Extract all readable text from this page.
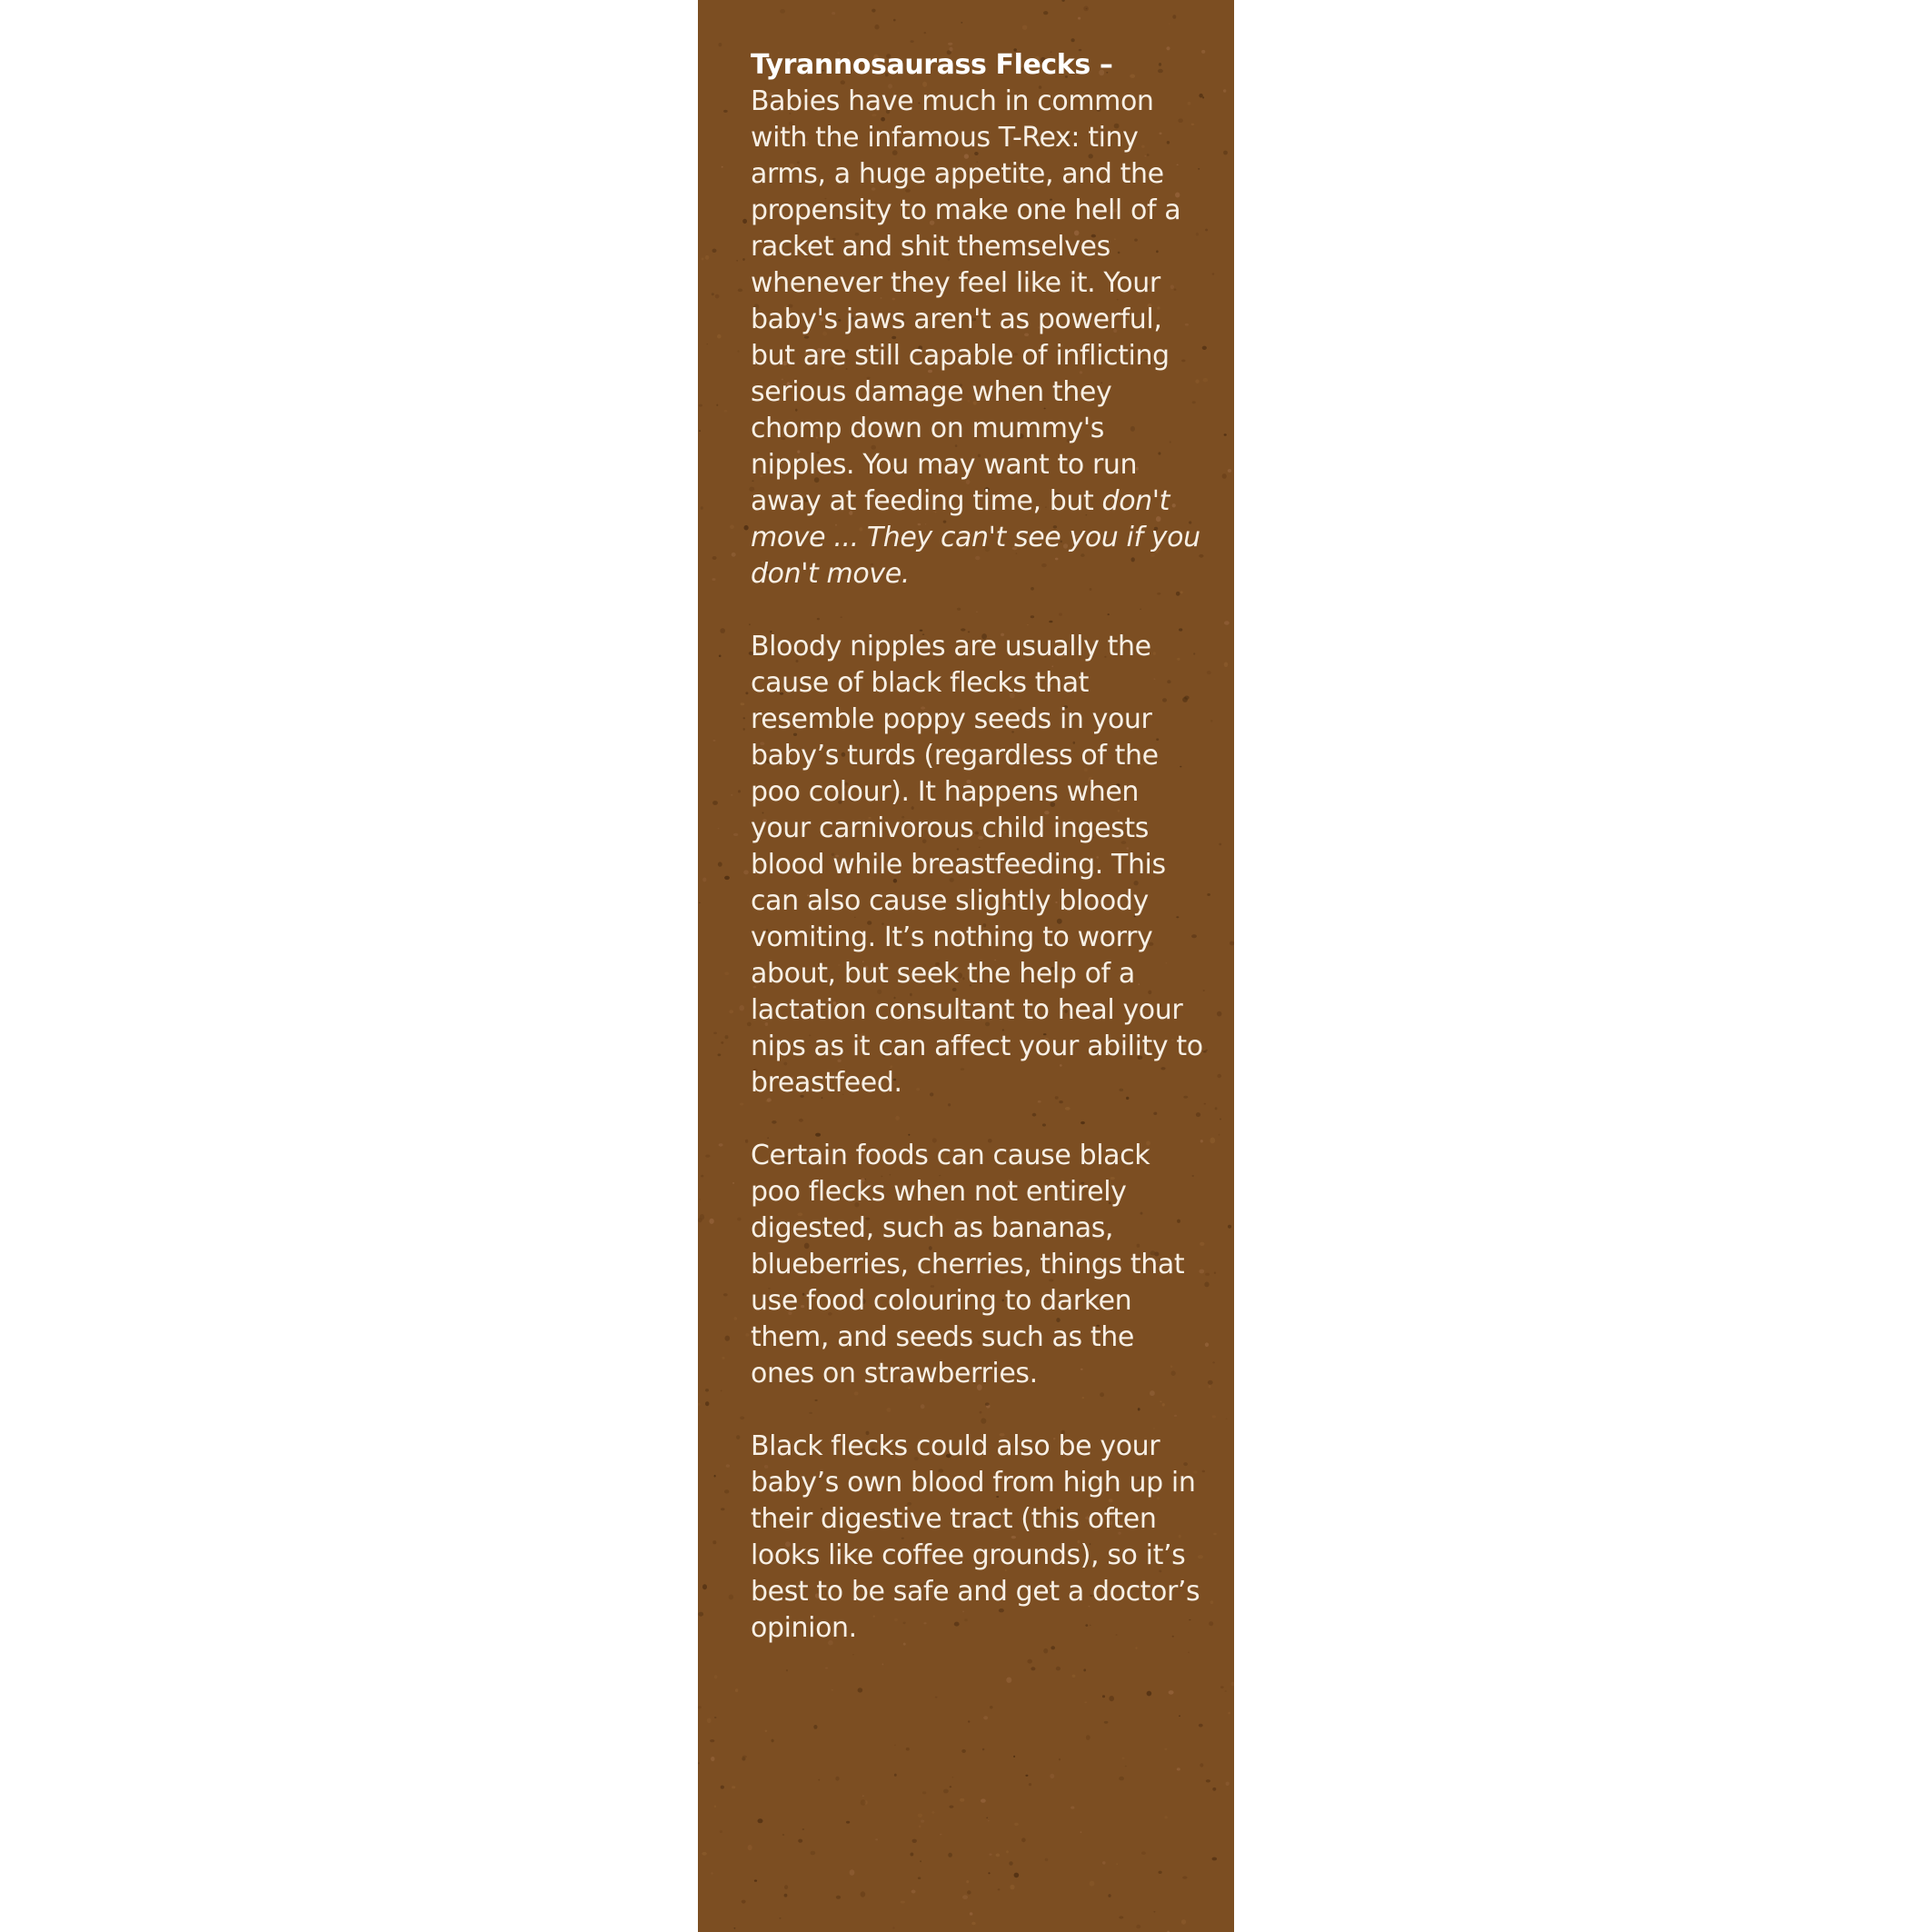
Tyrannosaurass Flecks –
Babies have much in common with the infamous T-Rex: tiny arms, a huge appetite, and the propensity to make one hell of a racket and shit themselves whenever they feel like it. Your baby's jaws aren't as powerful, but are still capable of inflicting serious damage when they chomp down on mummy's nipples. You may want to run away at feeding time, but don't move ... They can't see you if you don't move.

Bloody nipples are usually the cause of black flecks that resemble poppy seeds in your baby’s turds (regardless of the poo colour). It happens when your carnivorous child ingests blood while breastfeeding. This can also cause slightly bloody vomiting. It’s nothing to worry about, but seek the help of a lactation consultant to heal your nips as it can affect your ability to breastfeed.

Certain foods can cause black poo flecks when not entirely digested, such as bananas, blueberries, cherries, things that use food colouring to darken them, and seeds such as the ones on strawberries.

Black flecks could also be your baby’s own blood from high up in their digestive tract (this often looks like coffee grounds), so it’s best to be safe and get a doctor’s opinion.
